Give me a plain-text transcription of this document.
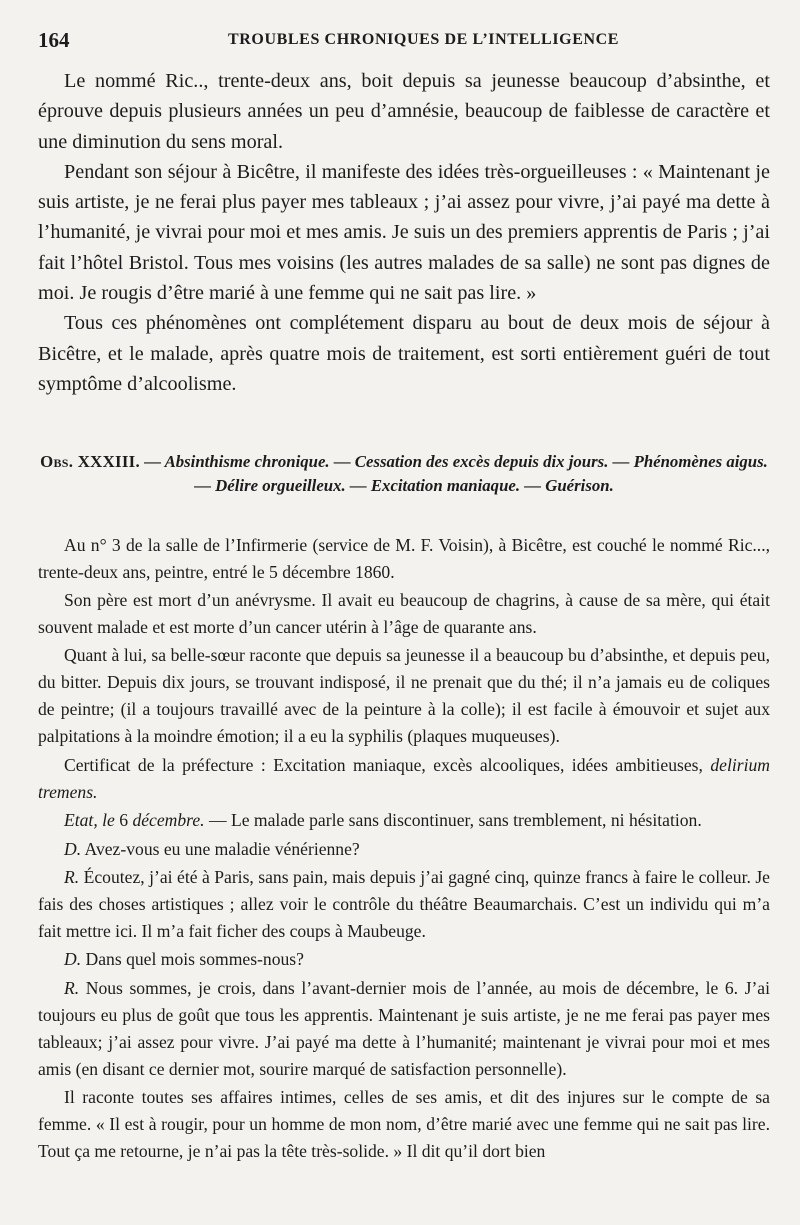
164	TROUBLES CHRONIQUES DE L’INTELLIGENCE

Le nommé Ric.., trente-deux ans, boit depuis sa jeunesse beaucoup d’absinthe, et éprouve depuis plusieurs années un peu d’amnésie, beaucoup de faiblesse de caractère et une diminution du sens moral.

Pendant son séjour à Bicêtre, il manifeste des idées très-orgueilleuses : « Maintenant je suis artiste, je ne ferai plus payer mes tableaux ; j’ai assez pour vivre, j’ai payé ma dette à l’humanité, je vivrai pour moi et mes amis. Je suis un des premiers apprentis de Paris ; j’ai fait l’hôtel Bristol. Tous mes voisins (les autres malades de sa salle) ne sont pas dignes de moi. Je rougis d’être marié à une femme qui ne sait pas lire. »

Tous ces phénomènes ont complétement disparu au bout de deux mois de séjour à Bicêtre, et le malade, après quatre mois de traitement, est sorti entièrement guéri de tout symptôme d’alcoolisme.

Obs. XXXIII. — Absinthisme chronique. — Cessation des excès depuis dix jours. — Phénomènes aigus. — Délire orgueilleux. — Excitation maniaque. — Guérison.

Au n° 3 de la salle de l’Infirmerie (service de M. F. Voisin), à Bicêtre, est couché le nommé Ric..., trente-deux ans, peintre, entré le 5 décembre 1860.

Son père est mort d’un anévrysme. Il avait eu beaucoup de chagrins, à cause de sa mère, qui était souvent malade et est morte d’un cancer utérin à l’âge de quarante ans.

Quant à lui, sa belle-sœur raconte que depuis sa jeunesse il a beaucoup bu d’absinthe, et depuis peu, du bitter. Depuis dix jours, se trouvant indisposé, il ne prenait que du thé; il n’a jamais eu de coliques de peintre; (il a toujours travaillé avec de la peinture à la colle); il est facile à émouvoir et sujet aux palpitations à la moindre émotion; il a eu la syphilis (plaques muqueuses).

Certificat de la préfecture : Excitation maniaque, excès alcooliques, idées ambitieuses, delirium tremens.

Etat, le 6 décembre. — Le malade parle sans discontinuer, sans tremblement, ni hésitation.

D. Avez-vous eu une maladie vénérienne?

R. Écoutez, j’ai été à Paris, sans pain, mais depuis j’ai gagné cinq, quinze francs à faire le colleur. Je fais des choses artistiques ; allez voir le contrôle du théâtre Beaumarchais. C’est un individu qui m’a fait mettre ici. Il m’a fait ficher des coups à Maubeuge.

D. Dans quel mois sommes-nous?

R. Nous sommes, je crois, dans l’avant-dernier mois de l’année, au mois de décembre, le 6. J’ai toujours eu plus de goût que tous les apprentis. Maintenant je suis artiste, je ne me ferai pas payer mes tableaux; j’ai assez pour vivre. J’ai payé ma dette à l’humanité; maintenant je vivrai pour moi et mes amis (en disant ce dernier mot, sourire marqué de satisfaction personnelle).

Il raconte toutes ses affaires intimes, celles de ses amis, et dit des injures sur le compte de sa femme. « Il est à rougir, pour un homme de mon nom, d’être marié avec une femme qui ne sait pas lire. Tout ça me retourne, je n’ai pas la tête très-solide. » Il dit qu’il dort bien
